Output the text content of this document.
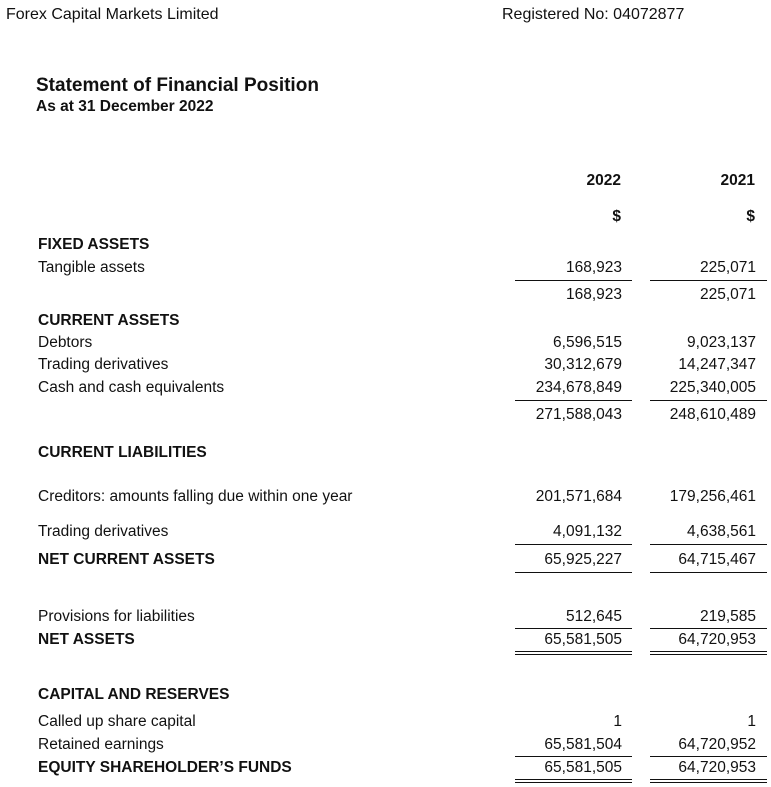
Forex Capital Markets Limited	Registered No: 04072877
Statement of Financial Position
As at 31 December 2022
2022	2021
$	$
FIXED ASSETS
Tangible assets	168,923	225,071
168,923	225,071
CURRENT ASSETS
Debtors	6,596,515	9,023,137
Trading derivatives	30,312,679	14,247,347
Cash and cash equivalents	234,678,849	225,340,005
271,588,043	248,610,489
CURRENT LIABILITIES
Creditors: amounts falling due within one year	201,571,684	179,256,461
Trading derivatives	4,091,132	4,638,561
NET CURRENT ASSETS	65,925,227	64,715,467
Provisions for liabilities	512,645	219,585
NET ASSETS	65,581,505	64,720,953
CAPITAL AND RESERVES
Called up share capital	1	1
Retained earnings	65,581,504	64,720,952
EQUITY SHAREHOLDER’S FUNDS	65,581,505	64,720,953
